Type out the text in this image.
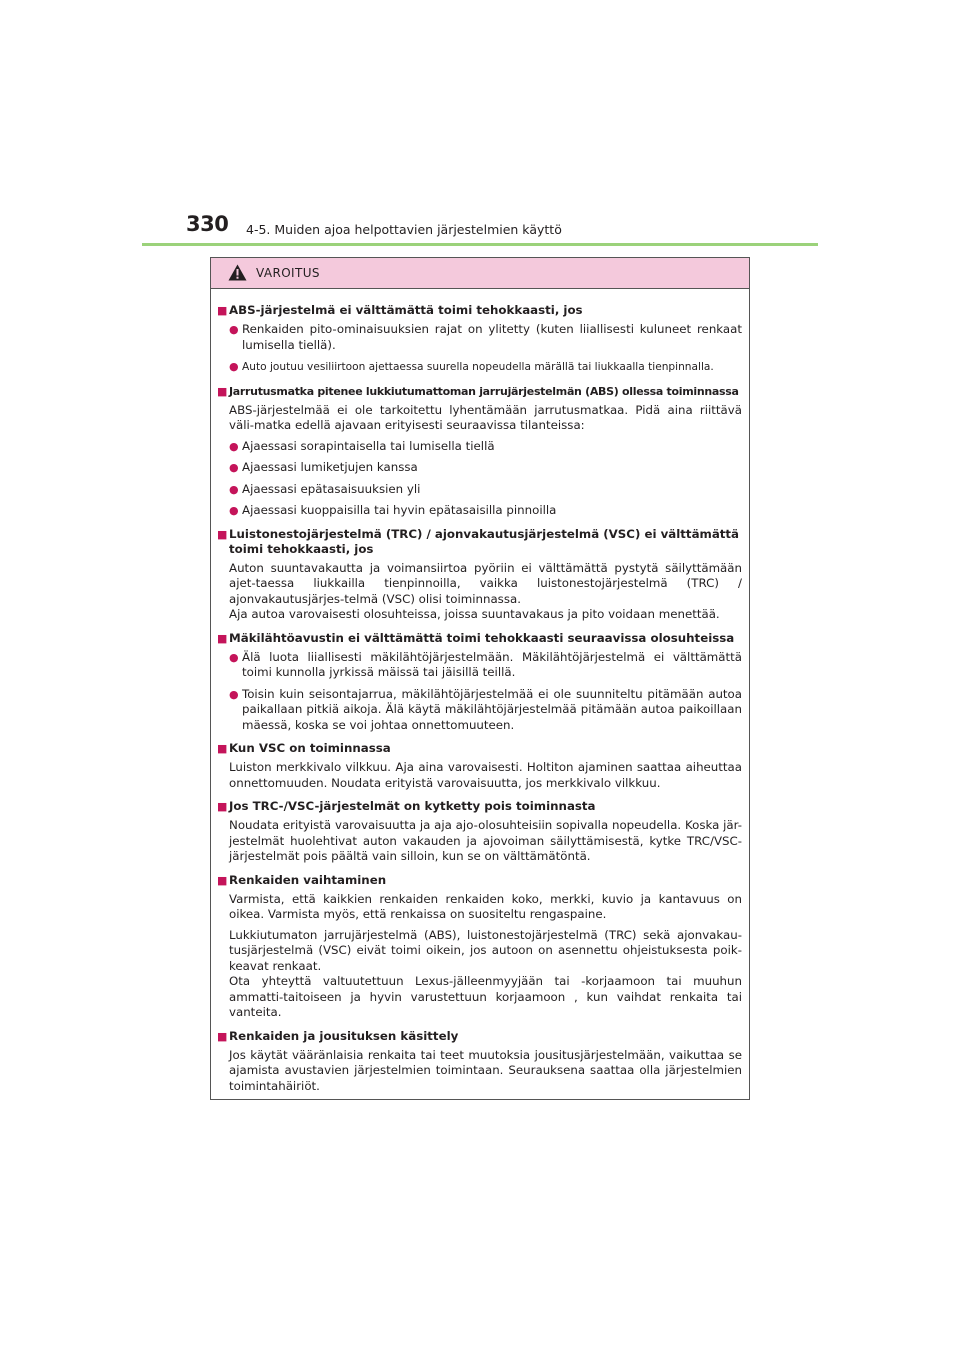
330 4-5. Muiden ajoa helpottavien järjestelmien käyttö
VAROITUS
■ ABS-järjestelmä ei välttämättä toimi tehokkaasti, jos
● Renkaiden pito-ominaisuuksien rajat on ylitetty (kuten liiallisesti kuluneet renkaat lumisella tiellä).
● Auto joutuu vesiliirtoon ajettaessa suurella nopeudella märällä tai liukkaalla tienpinnalla.
■ Jarrutusmatka pitenee lukkiutumattoman jarrujärjestelmän (ABS) ollessa toiminnassa
ABS-järjestelmää ei ole tarkoitettu lyhentämään jarrutusmatkaa. Pidä aina riittävä väli-matka edellä ajavaan erityisesti seuraavissa tilanteissa:
● Ajaessasi sorapintaisella tai lumisella tiellä
● Ajaessasi lumiketjujen kanssa
● Ajaessasi epätasaisuuksien yli
● Ajaessasi kuoppaisilla tai hyvin epätasaisilla pinnoilla
■ Luistonestojärjestelmä (TRC) / ajonvakautusjärjestelmä (VSC) ei välttämättä toimi tehokkaasti, jos
Auton suuntavakautta ja voimansiirtoa pyöriin ei välttämättä pystytä säilyttämään ajet-taessa liukkailla tienpinnoilla, vaikka luistonestojärjestelmä (TRC) / ajonvakautusjärjes-telmä (VSC) olisi toiminnassa.
Aja autoa varovaisesti olosuhteissa, joissa suuntavakaus ja pito voidaan menettää.
■ Mäkilähtöavustin ei välttämättä toimi tehokkaasti seuraavissa olosuhteissa
● Älä luota liiallisesti mäkilähtöjärjestelmään. Mäkilähtöjärjestelmä ei välttämättä toimi kunnolla jyrkissä mäissä tai jäisillä teillä.
● Toisin kuin seisontajarrua, mäkilähtöjärjestelmää ei ole suunniteltu pitämään autoa paikallaan pitkiä aikoja. Älä käytä mäkilähtöjärjestelmää pitämään autoa paikoillaan mäessä, koska se voi johtaa onnettomuuteen.
■ Kun VSC on toiminnassa
Luiston merkkivalo vilkkuu. Aja aina varovaisesti. Holtiton ajaminen saattaa aiheuttaa onnettomuuden. Noudata erityistä varovaisuutta, jos merkkivalo vilkkuu.
■ Jos TRC-/VSC-järjestelmät on kytketty pois toiminnasta
Noudata erityistä varovaisuutta ja aja ajo-olosuhteisiin sopivalla nopeudella. Koska jär-jestelmät huolehtivat auton vakauden ja ajovoiman säilyttämisestä, kytke TRC/VSC-järjestelmät pois päältä vain silloin, kun se on välttämätöntä.
■ Renkaiden vaihtaminen
Varmista, että kaikkien renkaiden renkaiden koko, merkki, kuvio ja kantavuus on oikea. Varmista myös, että renkaissa on suositeltu rengaspaine.
Lukkiutumaton jarrujärjestelmä (ABS), luistonestojärjestelmä (TRC) sekä ajonvakau-tusjärjestelmä (VSC) eivät toimi oikein, jos autoon on asennettu ohjeistuksesta poik-keavat renkaat.
Ota yhteyttä valtuutettuun Lexus-jälleenmyyjään tai -korjaamoon tai muuhun ammatti-taitoiseen ja hyvin varustettuun korjaamoon , kun vaihdat renkaita tai vanteita.
■ Renkaiden ja jousituksen käsittely
Jos käytät vääränlaisia renkaita tai teet muutoksia jousitusjärjestelmään, vaikuttaa se ajamista avustavien järjestelmien toimintaan. Seurauksena saattaa olla järjestelmien toimintahäiriöt.
